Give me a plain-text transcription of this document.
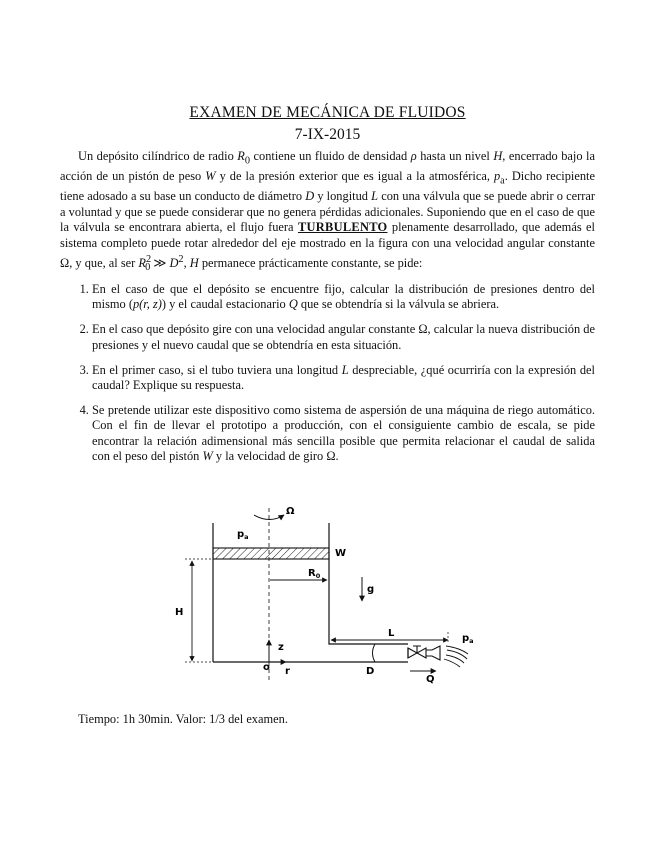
EXAMEN DE MECÁNICA DE FLUIDOS
7-IX-2015

Un depósito cilíndrico de radio $R_0$ contiene un fluido de densidad ρ hasta un nivel H, encerrado bajo la acción de un pistón de peso W y de la presión exterior que es igual a la atmosférica, $p_a$. Dicho recipiente tiene adosado a su base un conducto de diámetro D y longitud L con una válvula que se puede abrir o cerrar a voluntad y que se puede considerar que no genera pérdidas adicionales. Suponiendo que en el caso de que la válvula se encontrara abierta, el flujo fuera TURBULENTO plenamente desarrollado, que además el sistema completo puede rotar alrededor del eje mostrado en la figura con una velocidad angular constante Ω, y que, al ser $R^2_0$ ≫ $D^2$, H permanece prácticamente constante, se pide:

1. En el caso de que el depósito se encuentre fijo, calcular la distribución de presiones dentro del mismo (p(r, z)) y el caudal estacionario Q que se obtendría si la válvula se abriera.
2. En el caso que depósito gire con una velocidad angular constante Ω, calcular la nueva distribución de presiones y el nuevo caudal que se obtendría en esta situación.
3. En el primer caso, si el tubo tuviera una longitud L despreciable, ¿qué ocurriría con la expresión del caudal? Explique su respuesta.
4. Se pretende utilizar este dispositivo como sistema de aspersión de una máquina de riego automático. Con el fin de llevar el prototipo a producción, con el consiguiente cambio de escala, se pide encontrar la relación adimensional más sencilla posible que permita relacionar el caudal de salida con el peso del pistón W y la velocidad de giro Ω.
Ω
$p_a$
W
$R_0$
g
H
z
o r
L
D
$p_a$
Q
Tiempo: 1h 30min. Valor: 1/3 del examen.
